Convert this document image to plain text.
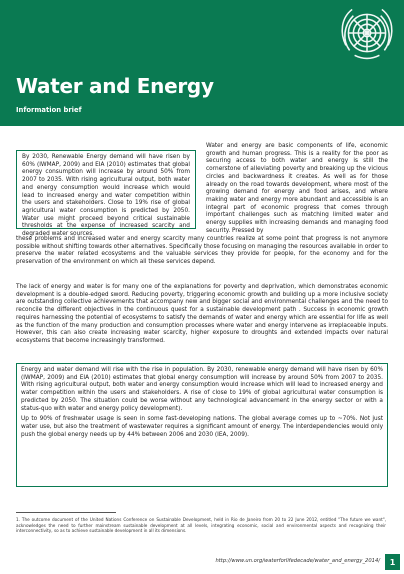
Water and Energy
Information brief

By 2030, Renewable Energy demand will have risen by 60% (IWMAP, 2009) and EIA (2010) estimates that global energy consumption will increase by around 50% from 2007 to 2035. With rising agricultural output, both water and energy consumption would increase which would lead to increased energy and water competition within the users and stakeholders. Close to 19% rise of global agricultural water consumption is predicted by 2050. Water use might proceed beyond critical sustainable thresholds at the expense of increased scarcity and degraded water sources.

Water and energy are basic components of life, economic growth and human progress. This is a reality for the poor as securing access to both water and energy is still the cornerstone of alleviating poverty and breaking up the vicious circles and backwardness it creates. As well as for those already on the road towards development, where most of the growing demand for energy and food arises, and where making water and energy more abundant and accessible is an integral part of economic progress that comes through important challenges such as matching limited water and energy supplies with increasing demands and managing food security. Pressed by

these problems and increased water and energy scarcity many countries realize at some point that progress is not anymore possible without shifting towards other alternatives. Specifically those focusing on managing the resources available in order to preserve the water related ecosystems and the valuable services they provide for people, for the economy and for the preservation of the environment on which all these services depend.

The lack of energy and water is for many one of the explanations for poverty and deprivation, which demonstrates economic development is a double-edged sword. Reducing poverty, triggering economic growth and building up a more inclusive society are outstanding collective achievements that accompany new and bigger social and environmental challenges and the need to reconcile the different objectives in the continuous quest for a sustainable development path . Success in economic growth requires harnessing the potential of ecosystems to satisfy the demands of water and energy which are essential for life as well as the function of the many production and consumption processes where water and energy intervene as irreplaceable inputs. However, this can also create increasing water scarcity, higher exposure to droughts and extended impacts over natural ecosystems that become increasingly transformed.

Energy and water demand will rise with the rise in population. By 2030, renewable energy demand will have risen by 60% (IWMAP, 2009) and EIA (2010) estimates that global energy consumption will increase by around 50% from 2007 to 2035. With rising agricultural output, both water and energy consumption would increase which will lead to increased energy and water competition within the users and stakeholders. A rise of close to 19% of global agricultural water consumption is predicted by 2050. The situation could be worse without any technological advancement in the energy sector or with a status-quo with water and energy policy development).

Up to 90% of freshwater usage is seen in some fast-developing nations. The global average comes up to ~70%. Not just water use, but also the treatment of wastewater requires a significant amount of energy. The interdependencies would only push the global energy needs up by 44% between 2006 and 2030 (IEA, 2009).

1. The outcome document of the United Nations Conference on Sustainable Development, held in Rio de Janeiro from 20 to 22 June 2012, entitled "The future we want", acknowledges the need to further mainstream sustainable development at all levels, integrating economic, social and environmental aspects and recognizing their interconnectivity, so as to achieve sustainable development in all its dimensions.
http://www.un.org/waterforlifedecade/water_and_energy_2014/	1
